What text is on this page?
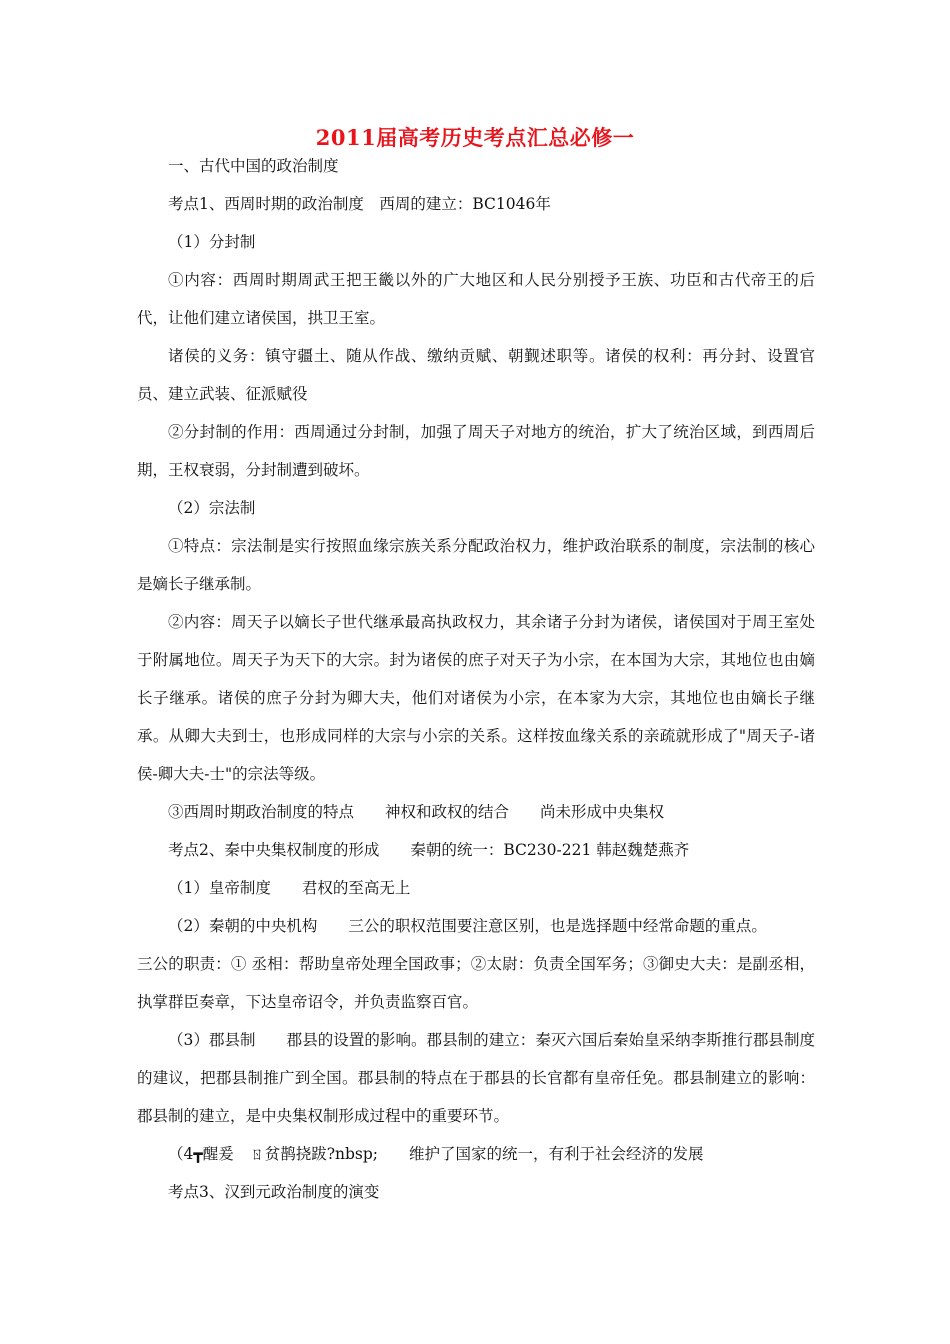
2011届高考历史考点汇总必修一

一、古代中国的政治制度

考点1、西周时期的政治制度　西周的建立：BC1046年

（1）分封制

①内容：西周时期周武王把王畿以外的广大地区和人民分别授予王族、功臣和古代帝王的后代，让他们建立诸侯国，拱卫王室。

诸侯的义务：镇守疆土、随从作战、缴纳贡赋、朝觐述职等。诸侯的权利：再分封、设置官员、建立武装、征派赋役

②分封制的作用：西周通过分封制，加强了周天子对地方的统治，扩大了统治区域，到西周后期，王权衰弱，分封制遭到破坏。

（2）宗法制

①特点：宗法制是实行按照血缘宗族关系分配政治权力，维护政治联系的制度，宗法制的核心是嫡长子继承制。

②内容：周天子以嫡长子世代继承最高执政权力，其余诸子分封为诸侯，诸侯国对于周王室处于附属地位。周天子为天下的大宗。封为诸侯的庶子对天子为小宗，在本国为大宗，其地位也由嫡长子继承。诸侯的庶子分封为卿大夫，他们对诸侯为小宗，在本家为大宗，其地位也由嫡长子继承。从卿大夫到士，也形成同样的大宗与小宗的关系。这样按血缘关系的亲疏就形成了"周天子-诸侯-卿大夫-士"的宗法等级。

③西周时期政治制度的特点　　神权和政权的结合　　尚未形成中央集权

考点2、秦中央集权制度的形成　　秦朝的统一：BC230-221 韩赵魏楚燕齐

（1）皇帝制度　　君权的至高无上

（2）秦朝的中央机构　　三公的职权范围要注意区别，也是选择题中经常命题的重点。

三公的职责：① 丞相：帮助皇帝处理全国政事；②太尉：负责全国军务；③御史大夫：是副丞相，执掌群臣奏章，下达皇帝诏令，并负责监察百官。

（3）郡县制　　郡县的设置的影响。郡县制的建立：秦灭六国后秦始皇采纳李斯推行郡县制度的建议，把郡县制推广到全国。郡县制的特点在于郡县的长官都有皇帝任免。郡县制建立的影响：郡县制的建立，是中央集权制形成过程中的重要环节。

（4┳醒爰　ㄖ贫鹊挠跋?nbsp;　　维护了国家的统一，有利于社会经济的发展

考点3、汉到元政治制度的演变
